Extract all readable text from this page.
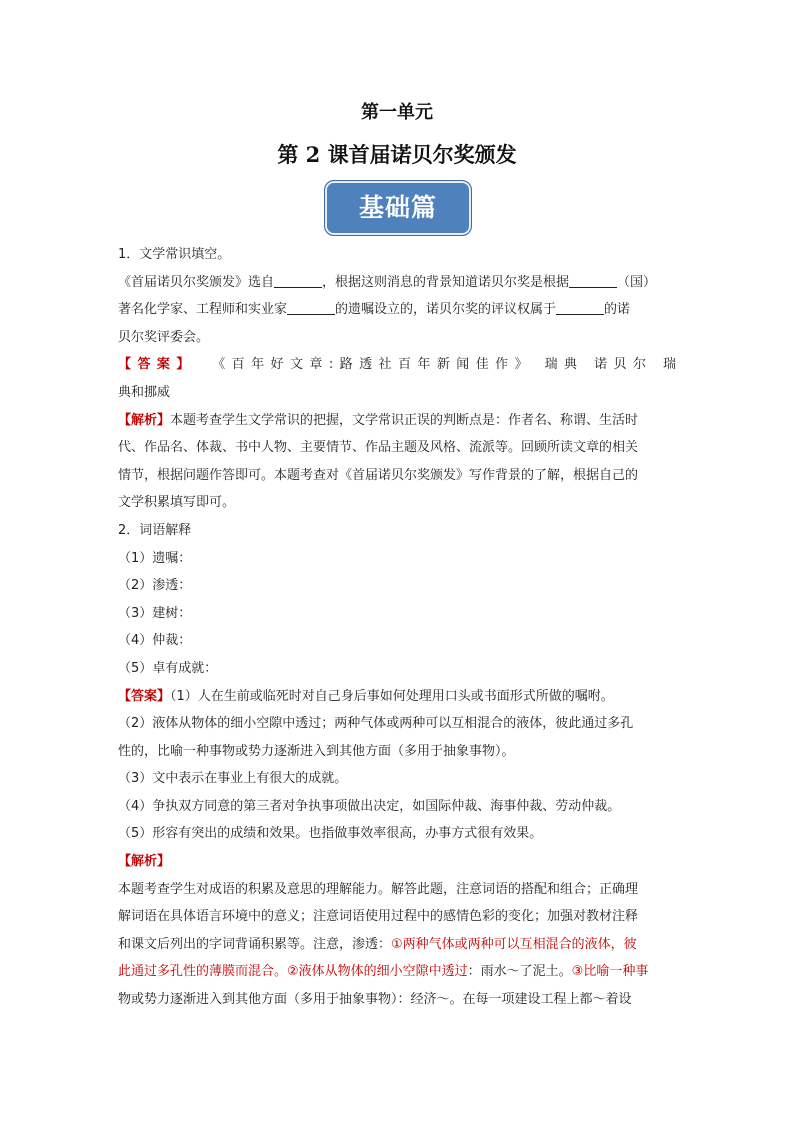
第一单元
第 2 课首届诺贝尔奖颁发
基础篇
1．文学常识填空。
《首届诺贝尔奖颁发》选自	，根据这则消息的背景知道诺贝尔奖是根据	（国）
著名化学家、工程师和实业家	的遗嘱设立的，诺贝尔奖的评议权属于	的诺
贝尔奖评委会。
【答案】 《百年好文章:路透社百年新闻佳作》 瑞典 诺贝尔 瑞
典和挪威
【解析】本题考查学生文学常识的把握，文学常识正误的判断点是：作者名、称谓、生活时
代、作品名、体裁、书中人物、主要情节、作品主题及风格、流派等。回顾所读文章的相关
情节，根据问题作答即可。本题考查对《首届诺贝尔奖颁发》写作背景的了解，根据自己的
文学积累填写即可。
2．词语解释
（1）遗嘱：
（2）渗透：
（3）建树：
（4）仲裁：
（5）卓有成就：
【答案】（1）人在生前或临死时对自己身后事如何处理用口头或书面形式所做的嘱咐。
（2）液体从物体的细小空隙中透过；两种气体或两种可以互相混合的液体，彼此通过多孔
性的，比喻一种事物或势力逐渐进入到其他方面（多用于抽象事物）。
（3）文中表示在事业上有很大的成就。
（4）争执双方同意的第三者对争执事项做出决定，如国际仲裁、海事仲裁、劳动仲裁。
（5）形容有突出的成绩和效果。也指做事效率很高，办事方式很有效果。
【解析】
本题考查学生对成语的积累及意思的理解能力。解答此题，注意词语的搭配和组合；正确理
解词语在具体语言环境中的意义；注意词语使用过程中的感情色彩的变化；加强对教材注释
和课文后列出的字词背诵积累等。注意，渗透：①两种气体或两种可以互相混合的液体，彼
此通过多孔性的薄膜而混合。②液体从物体的细小空隙中透过：雨水～了泥土。③比喻一种事
物或势力逐渐进入到其他方面（多用于抽象事物）：经济～。在每一项建设工程上都～着设
